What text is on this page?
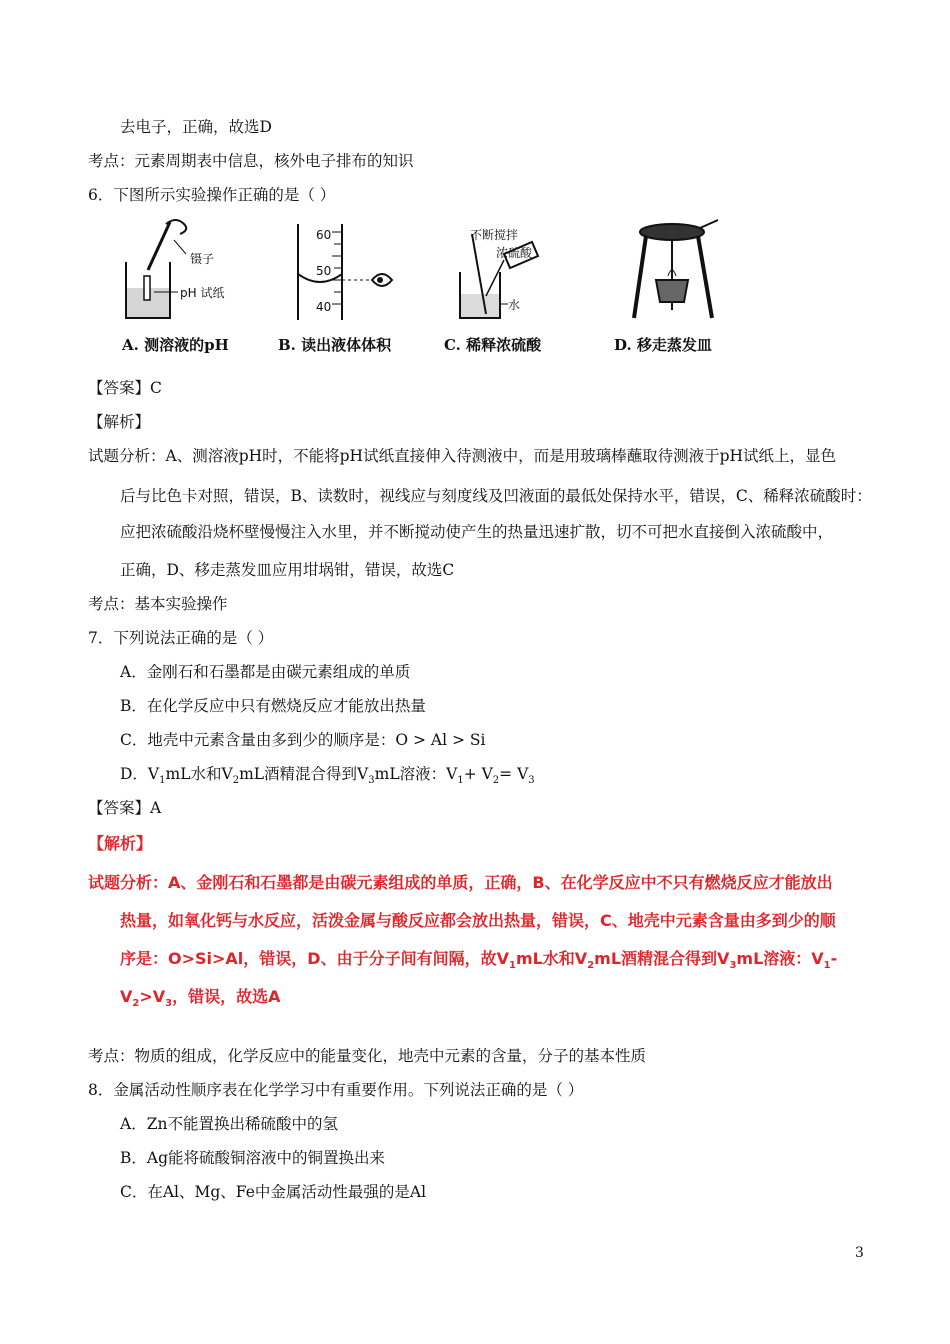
去电子，正确，故选D
考点：元素周期表中信息，核外电子排布的知识
6．下图所示实验操作正确的是（ ）
镊子
pH 试纸
A. 测溶液的pH
60
50
40
B. 读出液体体积
不断搅拌
浓硫酸
水
C. 稀释浓硫酸	D. 移走蒸发皿
【答案】C
【解析】
试题分析：A、测溶液pH时，不能将pH试纸直接伸入待测液中，而是用玻璃棒蘸取待测液于pH试纸上，显色
后与比色卡对照，错误，B、读数时，视线应与刻度线及凹液面的最低处保持水平，错误，C、稀释浓硫酸时：
应把浓硫酸沿烧杯壁慢慢注入水里，并不断搅动使产生的热量迅速扩散，切不可把水直接倒入浓硫酸中，
正确，D、移走蒸发皿应用坩埚钳，错误，故选C
考点：基本实验操作
7．下列说法正确的是（ ）
A．金刚石和石墨都是由碳元素组成的单质
B．在化学反应中只有燃烧反应才能放出热量
C．地壳中元素含量由多到少的顺序是：O > Al > Si
D．$V_1mL$水和$V_2mL$酒精混合得到$V_3mL$溶液：$V_1+ V_2= V_3$
【答案】A
【解析】
试题分析：A、金刚石和石墨都是由碳元素组成的单质，正确，B、在化学反应中不只有燃烧反应才能放出
热量，如氧化钙与水反应，活泼金属与酸反应都会放出热量，错误，C、地壳中元素含量由多到少的顺
序是：O>Si>Al，错误，D、由于分子间有间隔，故$V_1mL$水和$V_2mL$酒精混合得到$V_3mL$溶液：$V_1-$
$V_2>V_3$，错误，故选A
考点：物质的组成，化学反应中的能量变化，地壳中元素的含量，分子的基本性质
8．金属活动性顺序表在化学学习中有重要作用。下列说法正确的是（ ）
A．Zn不能置换出稀硫酸中的氢
B．Ag能将硫酸铜溶液中的铜置换出来
C．在Al、Mg、Fe中金属活动性最强的是Al
3
